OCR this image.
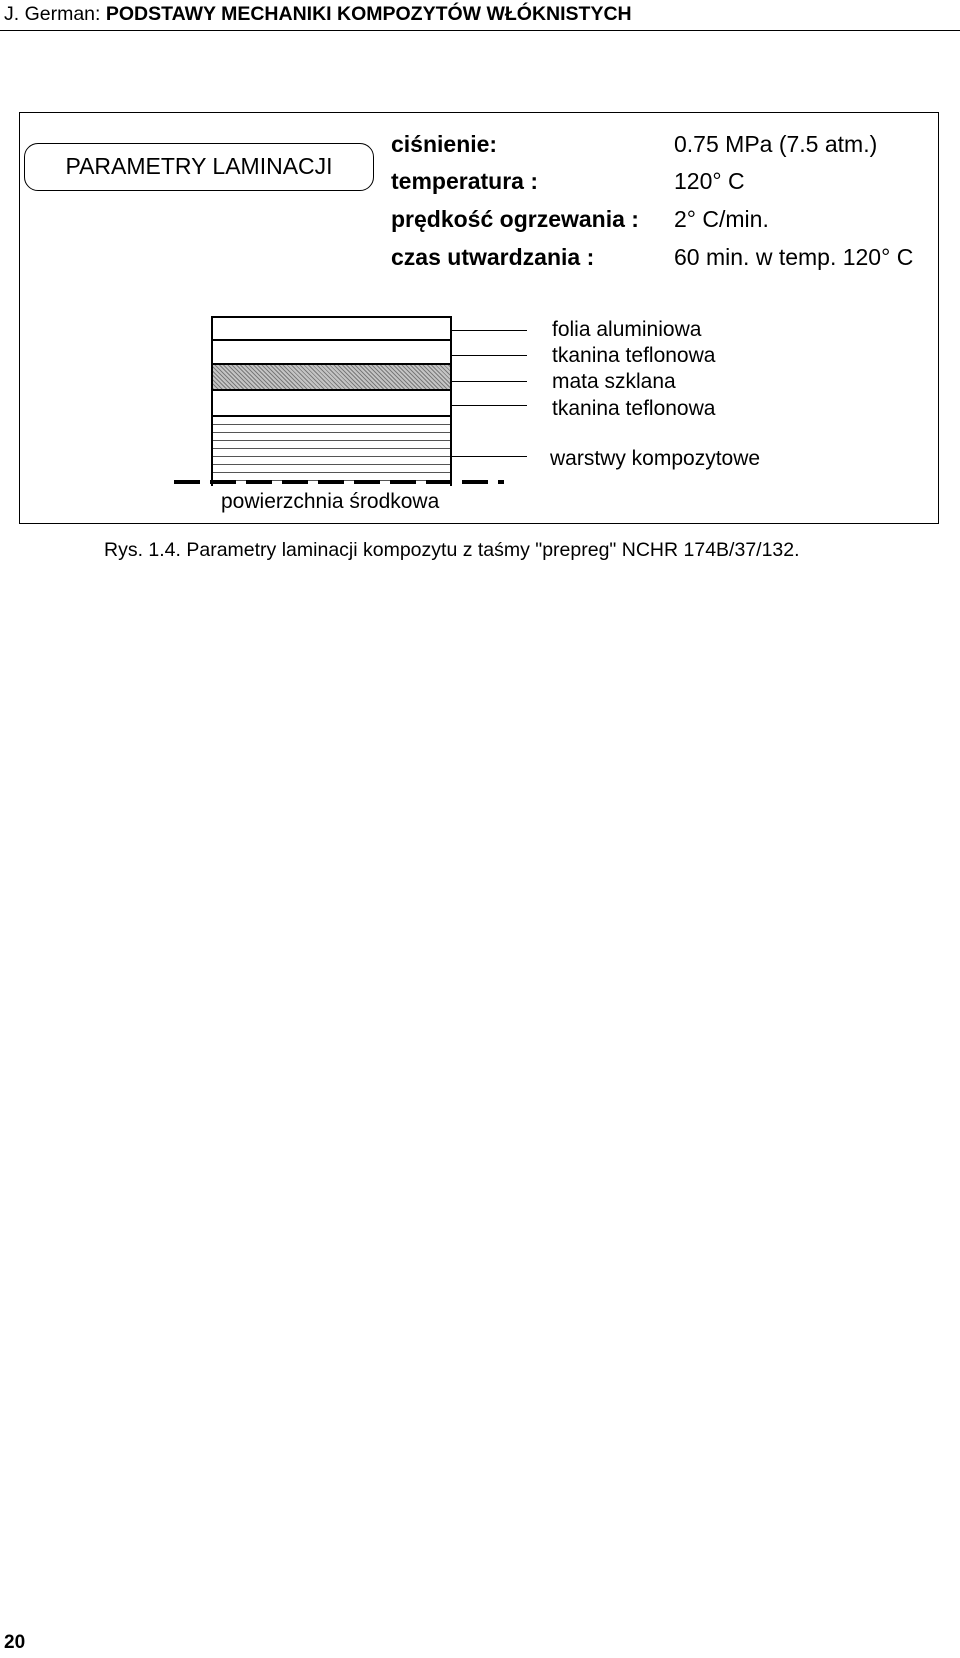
J. German: PODSTAWY MECHANIKI KOMPOZYTÓW WŁÓKNISTYCH
PARAMETRY LAMINACJI
ciśnienie:	0.75 MPa (7.5 atm.)
temperatura :	120° C
prędkość ogrzewania : 2° C/min.
czas utwardzania :	60 min. w temp. 120° C
folia aluminiowa
tkanina teflonowa
mata szklana
tkanina teflonowa
warstwy kompozytowe
powierzchnia środkowa
Rys. 1.4. Parametry laminacji kompozytu z taśmy "prepreg" NCHR 174B/37/132.
20
